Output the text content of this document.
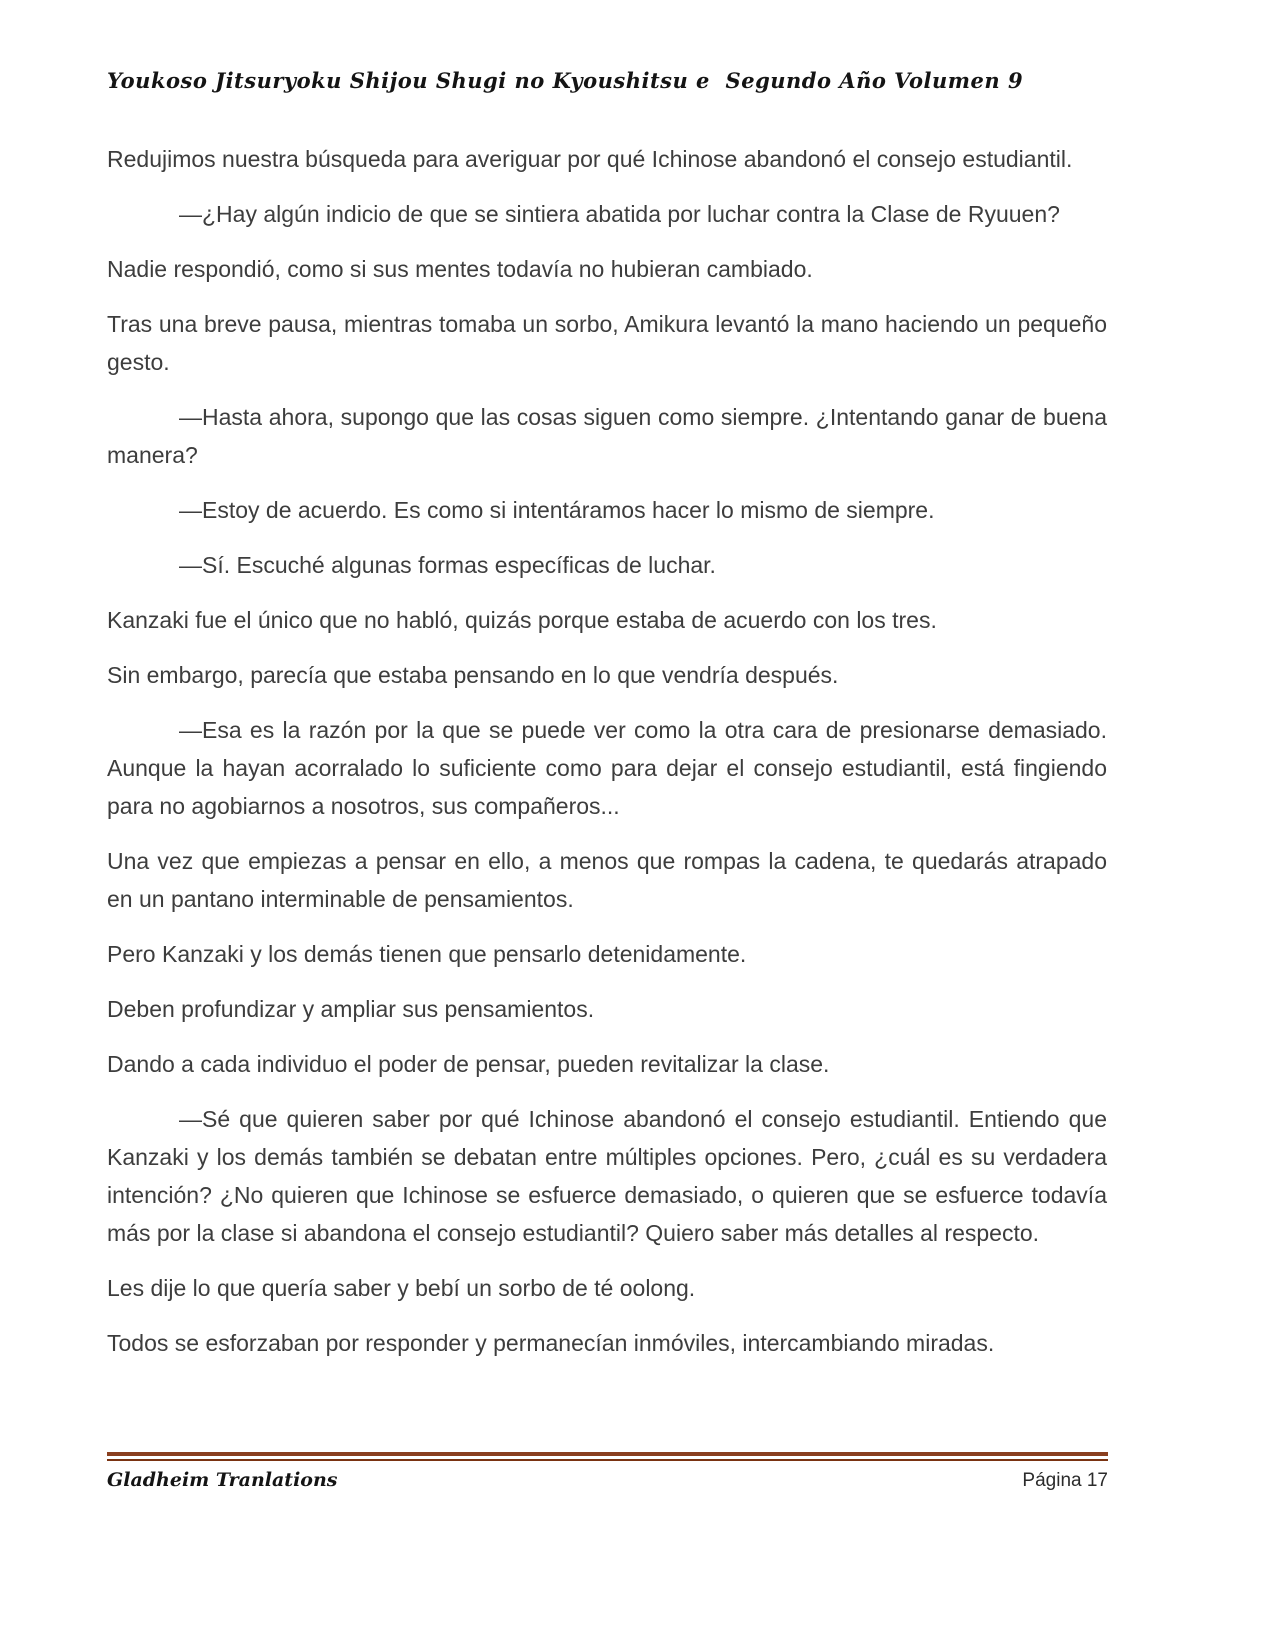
Youkoso Jitsuryoku Shijou Shugi no Kyoushitsu e  Segundo Año Volumen 9

Redujimos nuestra búsqueda para averiguar por qué Ichinose abandonó el consejo estudiantil.

—¿Hay algún indicio de que se sintiera abatida por luchar contra la Clase de Ryuuen?

Nadie respondió, como si sus mentes todavía no hubieran cambiado.

Tras una breve pausa, mientras tomaba un sorbo, Amikura levantó la mano haciendo un pequeño gesto.

—Hasta ahora, supongo que las cosas siguen como siempre. ¿Intentando ganar de buena manera?

—Estoy de acuerdo. Es como si intentáramos hacer lo mismo de siempre.

—Sí. Escuché algunas formas específicas de luchar.

Kanzaki fue el único que no habló, quizás porque estaba de acuerdo con los tres.

Sin embargo, parecía que estaba pensando en lo que vendría después.

—Esa es la razón por la que se puede ver como la otra cara de presionarse demasiado. Aunque la hayan acorralado lo suficiente como para dejar el consejo estudiantil, está fingiendo para no agobiarnos a nosotros, sus compañeros...

Una vez que empiezas a pensar en ello, a menos que rompas la cadena, te quedarás atrapado en un pantano interminable de pensamientos.

Pero Kanzaki y los demás tienen que pensarlo detenidamente.

Deben profundizar y ampliar sus pensamientos.

Dando a cada individuo el poder de pensar, pueden revitalizar la clase.

—Sé que quieren saber por qué Ichinose abandonó el consejo estudiantil. Entiendo que Kanzaki y los demás también se debatan entre múltiples opciones. Pero, ¿cuál es su verdadera intención? ¿No quieren que Ichinose se esfuerce demasiado, o quieren que se esfuerce todavía más por la clase si abandona el consejo estudiantil? Quiero saber más detalles al respecto.

Les dije lo que quería saber y bebí un sorbo de té oolong.

Todos se esforzaban por responder y permanecían inmóviles, intercambiando miradas.

Gladheim Tranlations	Página 17
